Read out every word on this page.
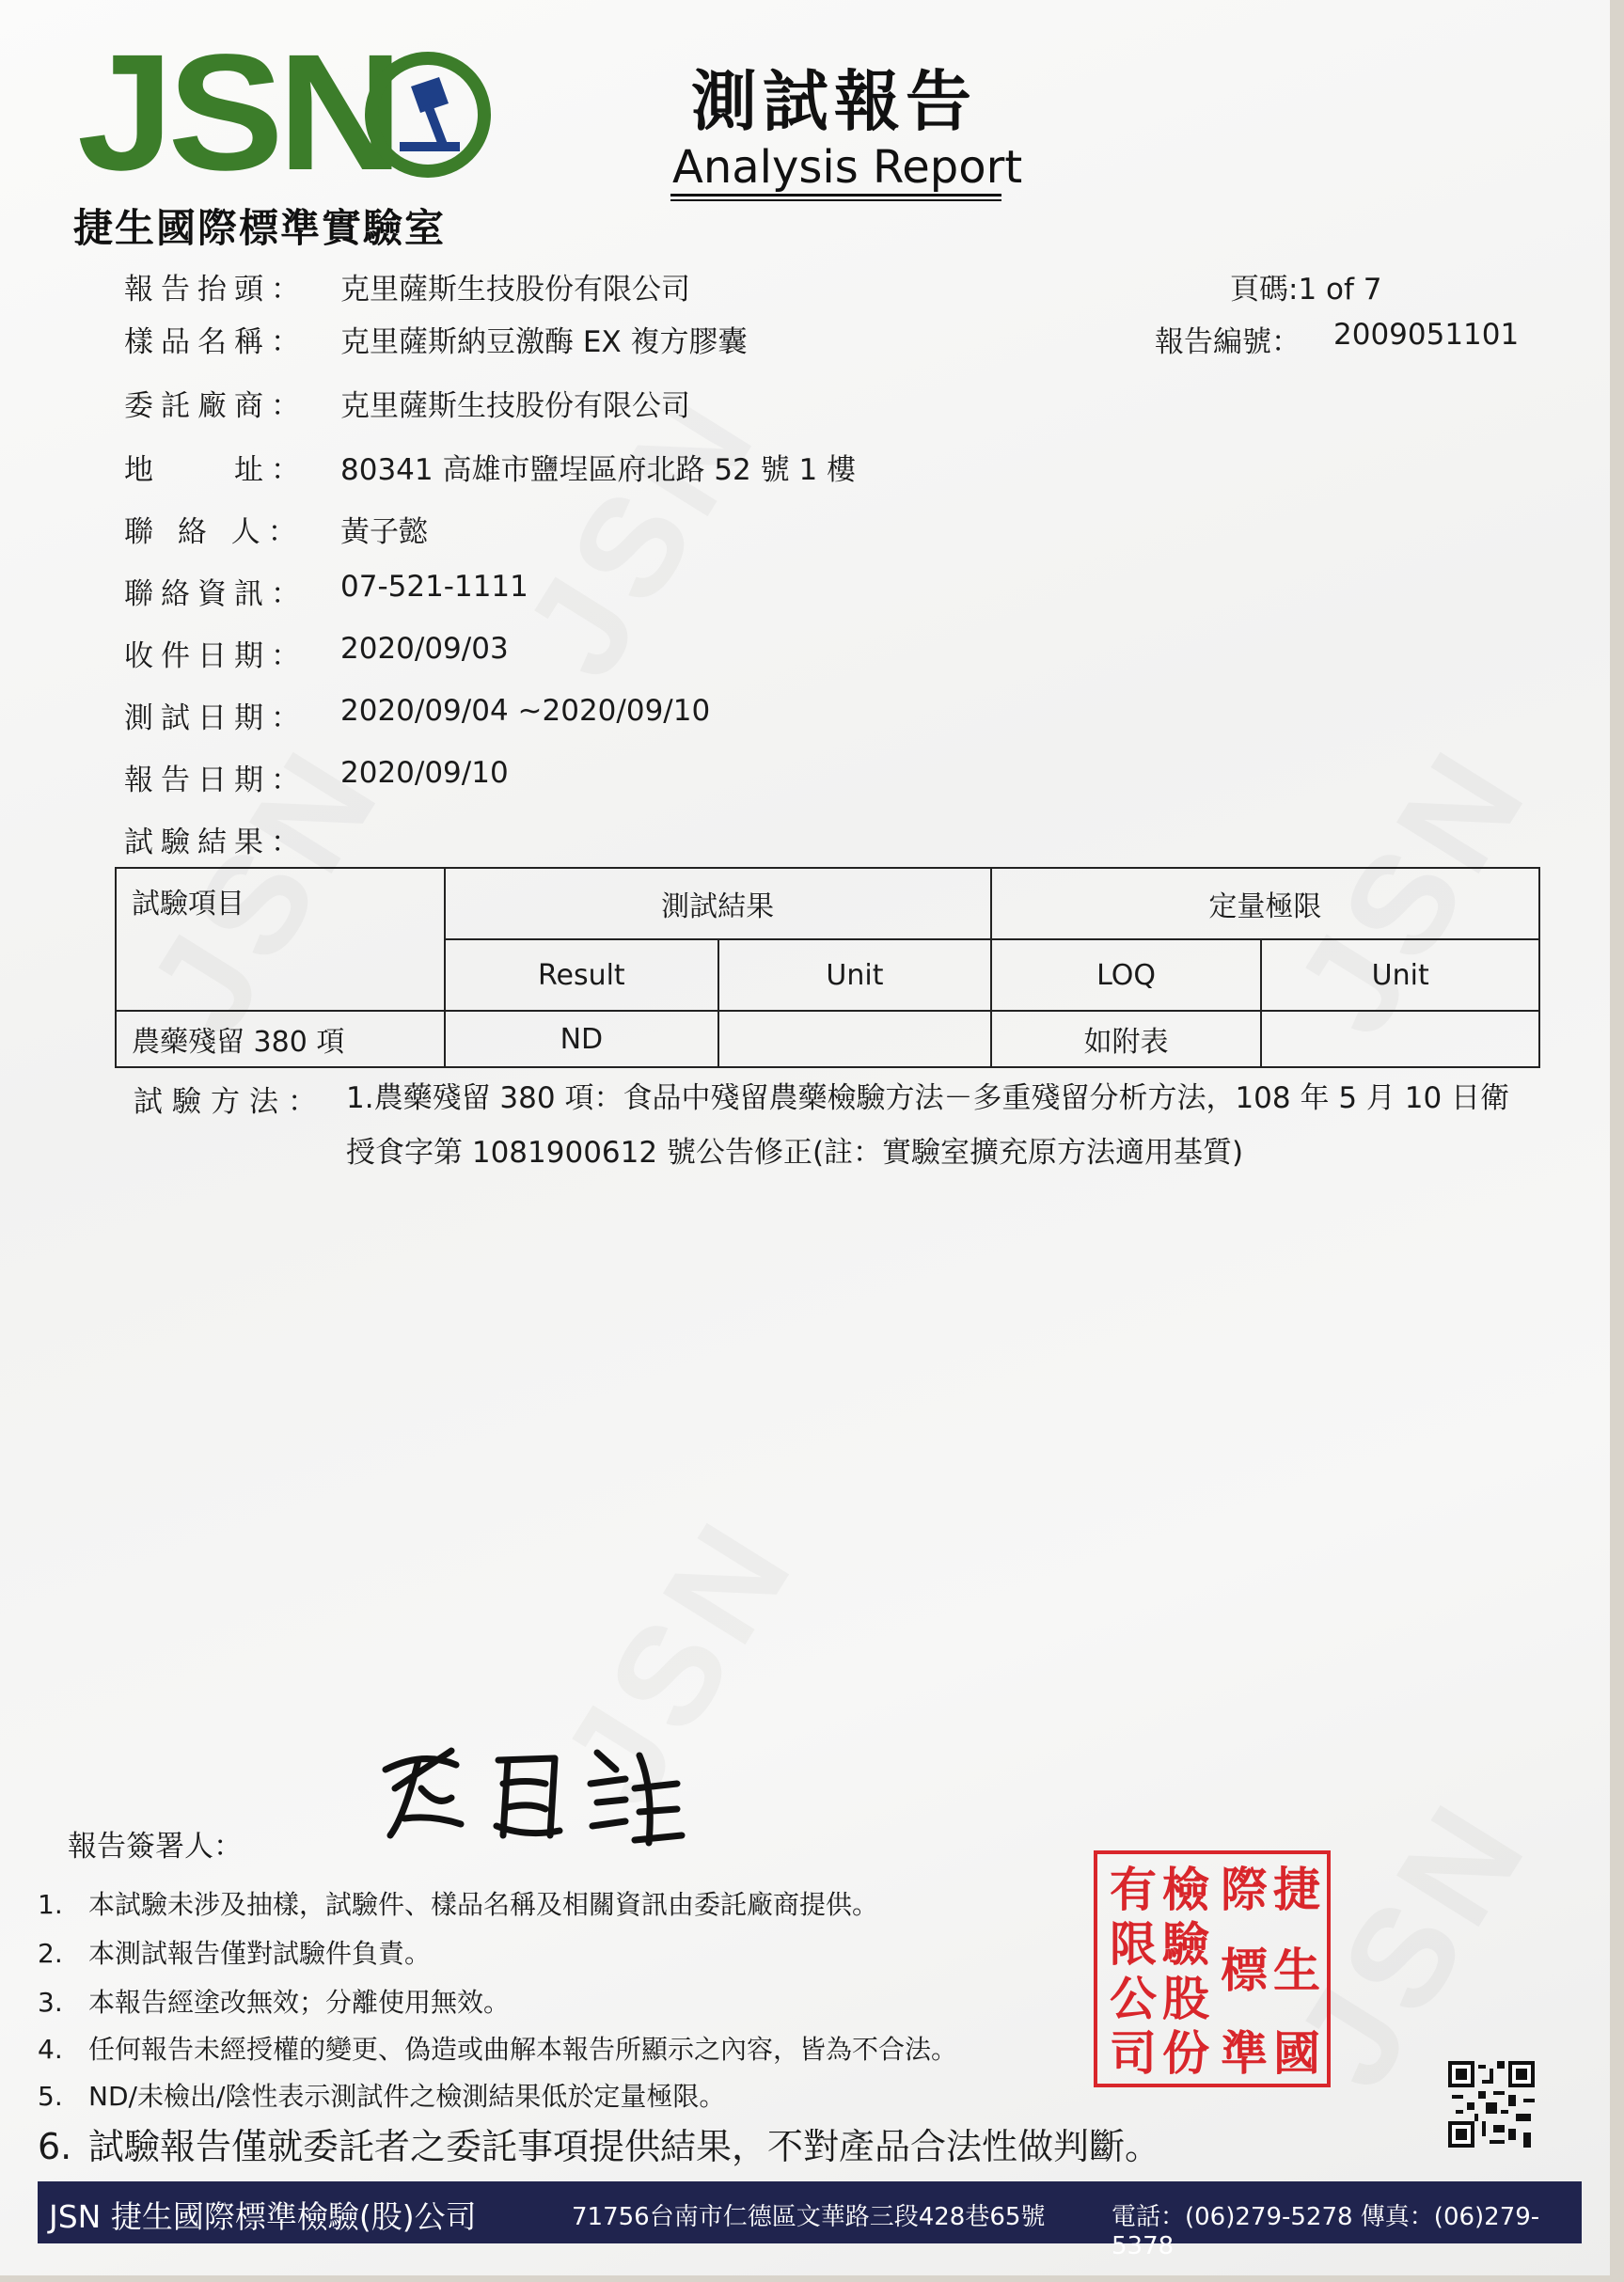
JSN
捷生國際標準實驗室
測試報告
Analysis Report
頁碼:1 of 7
報告編號： 2009051101
報告抬頭： 克里薩斯生技股份有限公司
樣品名稱： 克里薩斯納豆激酶 EX 複方膠囊
委託廠商： 克里薩斯生技股份有限公司
地　　址： 80341 高雄市鹽埕區府北路 52 號 1 樓
聯 絡 人： 黃子懿
聯絡資訊： 07-521-1111
收件日期： 2020/09/03
測試日期： 2020/09/04 ~2020/09/10
報告日期： 2020/09/10
試驗結果：
試驗項目	測試結果		定量極限	
	Result	Unit	LOQ	Unit
農藥殘留 380 項	ND		如附表	
試驗方法： 1.農藥殘留 380 項：食品中殘留農藥檢驗方法－多重殘留分析方法，108 年 5 月 10 日衛
授食字第 1081900612 號公告修正(註：實驗室擴充原方法適用基質)
報告簽署人：
1. 本試驗未涉及抽樣，試驗件、樣品名稱及相關資訊由委託廠商提供。
2. 本測試報告僅對試驗件負責。
3. 本報告經塗改無效；分離使用無效。
4. 任何報告未經授權的變更、偽造或曲解本報告所顯示之內容，皆為不合法。
5. ND/未檢出/陰性表示測試件之檢測結果低於定量極限。
6. 試驗報告僅就委託者之委託事項提供結果，不對產品合法性做判斷。
有 檢 際 捷
限 驗 標 生
公 股
司 份 準 國
JSN 捷生國際標準檢驗(股)公司	71756台南市仁德區文華路三段428巷65號	電話：(06)279-5278 傳真：(06)279-5378
